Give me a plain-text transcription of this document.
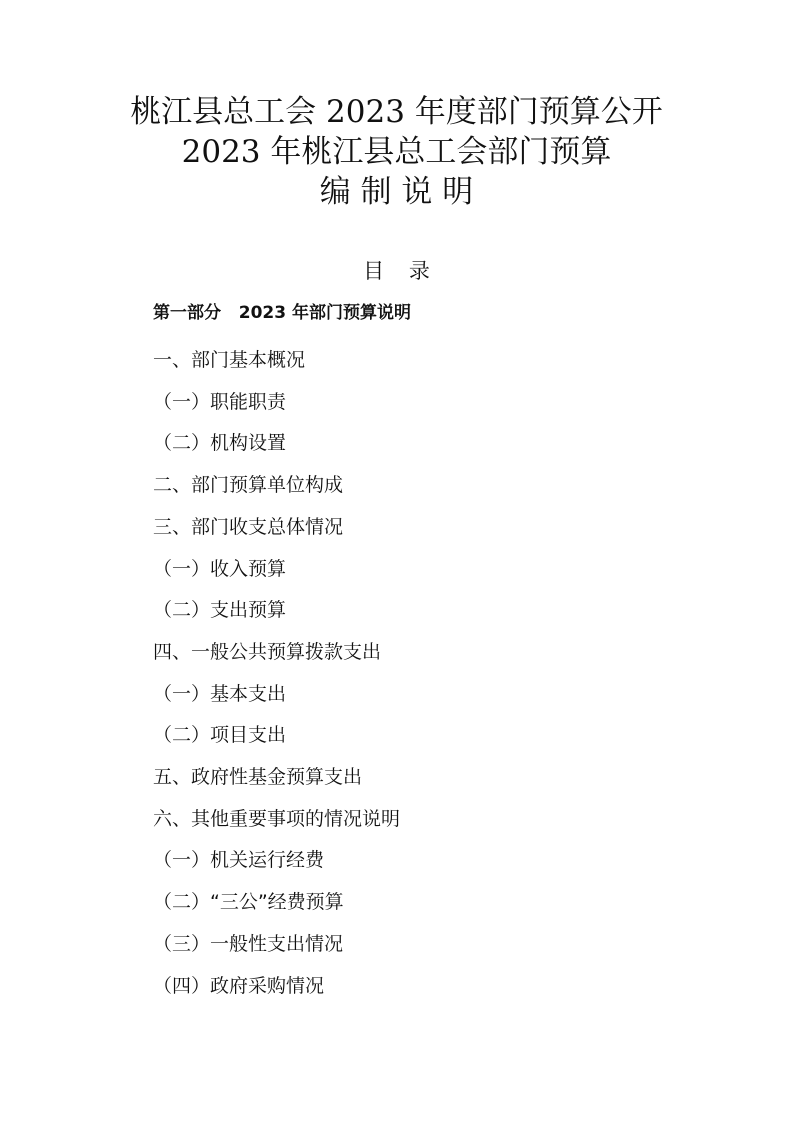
桃江县总工会 2023 年度部门预算公开
2023 年桃江县总工会部门预算
编 制 说 明
目 录
第一部分   2023 年部门预算说明
一、部门基本概况
（一）职能职责
（二）机构设置
二、部门预算单位构成
三、部门收支总体情况
（一）收入预算
（二）支出预算
四、一般公共预算拨款支出
（一）基本支出
（二）项目支出
五、政府性基金预算支出
六、其他重要事项的情况说明
（一）机关运行经费
（二）“三公”经费预算
（三）一般性支出情况
（四）政府采购情况
